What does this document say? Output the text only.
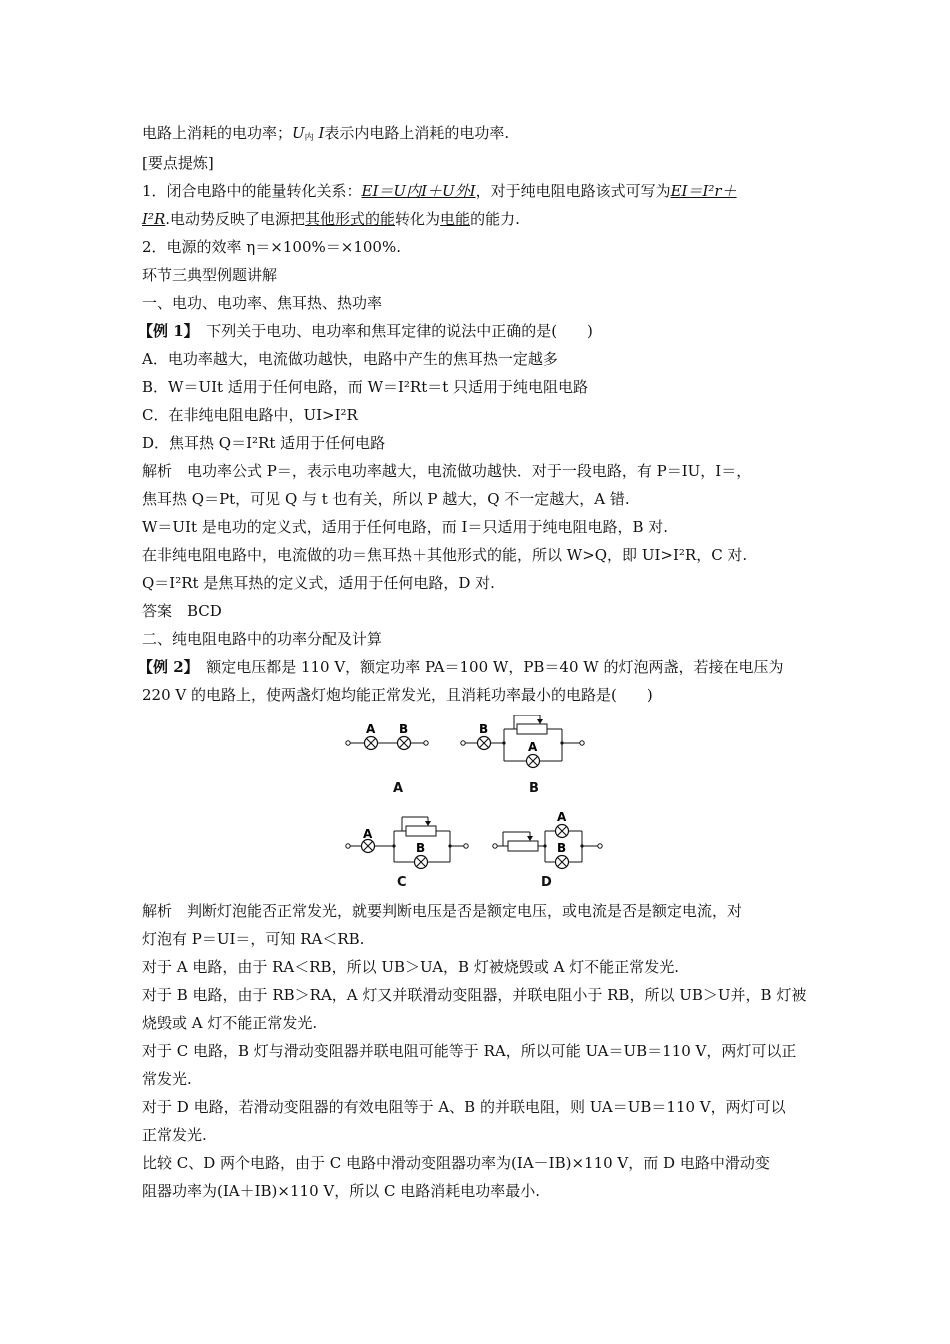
电路上消耗的电功率；$U_内$ I表示内电路上消耗的电功率.
[要点提炼]
1．闭合电路中的能量转化关系：EI＝U内I＋U外I，对于纯电阻电路该式可写为EI＝I²r＋
I²R.电动势反映了电源把其他形式的能转化为电能的能力.
2．电源的效率 η＝×100%＝×100%.
环节三典型例题讲解
一、电功、电功率、焦耳热、热功率
【例 1】　 下列关于电功、电功率和焦耳定律的说法中正确的是(　　)
A．电功率越大，电流做功越快，电路中产生的焦耳热一定越多
B．W＝UIt 适用于任何电路，而 W＝I²Rt＝t 只适用于纯电阻电路
C．在非纯电阻电路中，UI>I²R
D．焦耳热 Q＝I²Rt 适用于任何电路
解析　电功率公式 P＝，表示电功率越大，电流做功越快．对于一段电路，有 P＝IU，I＝，
焦耳热 Q＝Pt，可见 Q 与 t 也有关，所以 P 越大，Q 不一定越大，A 错.
W＝UIt 是电功的定义式，适用于任何电路，而 I＝只适用于纯电阻电路，B 对.
在非纯电阻电路中，电流做的功＝焦耳热＋其他形式的能，所以 W>Q，即 UI>I²R，C 对.
Q＝I²Rt 是焦耳热的定义式，适用于任何电路，D 对.
答案　BCD
二、纯电阻电路中的功率分配及计算
【例 2】　 额定电压都是 110 V，额定功率 PA＝100 W，PB＝40 W 的灯泡两盏，若接在电压为
220 V 的电路上，使两盏灯炮均能正常发光，且消耗功率最小的电路是(　　)
A B	B
A
A
B
A
B
A	B
C	D
解析　判断灯泡能否正常发光，就要判断电压是否是额定电压，或电流是否是额定电流，对
灯泡有 P＝UI＝，可知 RA＜RB.
对于 A 电路，由于 RA＜RB，所以 UB＞UA，B 灯被烧毁或 A 灯不能正常发光.
对于 B 电路，由于 RB＞RA，A 灯又并联滑动变阻器，并联电阻小于 RB，所以 UB＞U并，B 灯被
烧毁或 A 灯不能正常发光.
对于 C 电路，B 灯与滑动变阻器并联电阻可能等于 RA，所以可能 UA＝UB＝110 V，两灯可以正
常发光.
对于 D 电路，若滑动变阻器的有效电阻等于 A、B 的并联电阻，则 UA＝UB＝110 V，两灯可以
正常发光.
比较 C、D 两个电路，由于 C 电路中滑动变阻器功率为(IA－IB)×110 V，而 D 电路中滑动变
阻器功率为(IA＋IB)×110 V，所以 C 电路消耗电功率最小.
